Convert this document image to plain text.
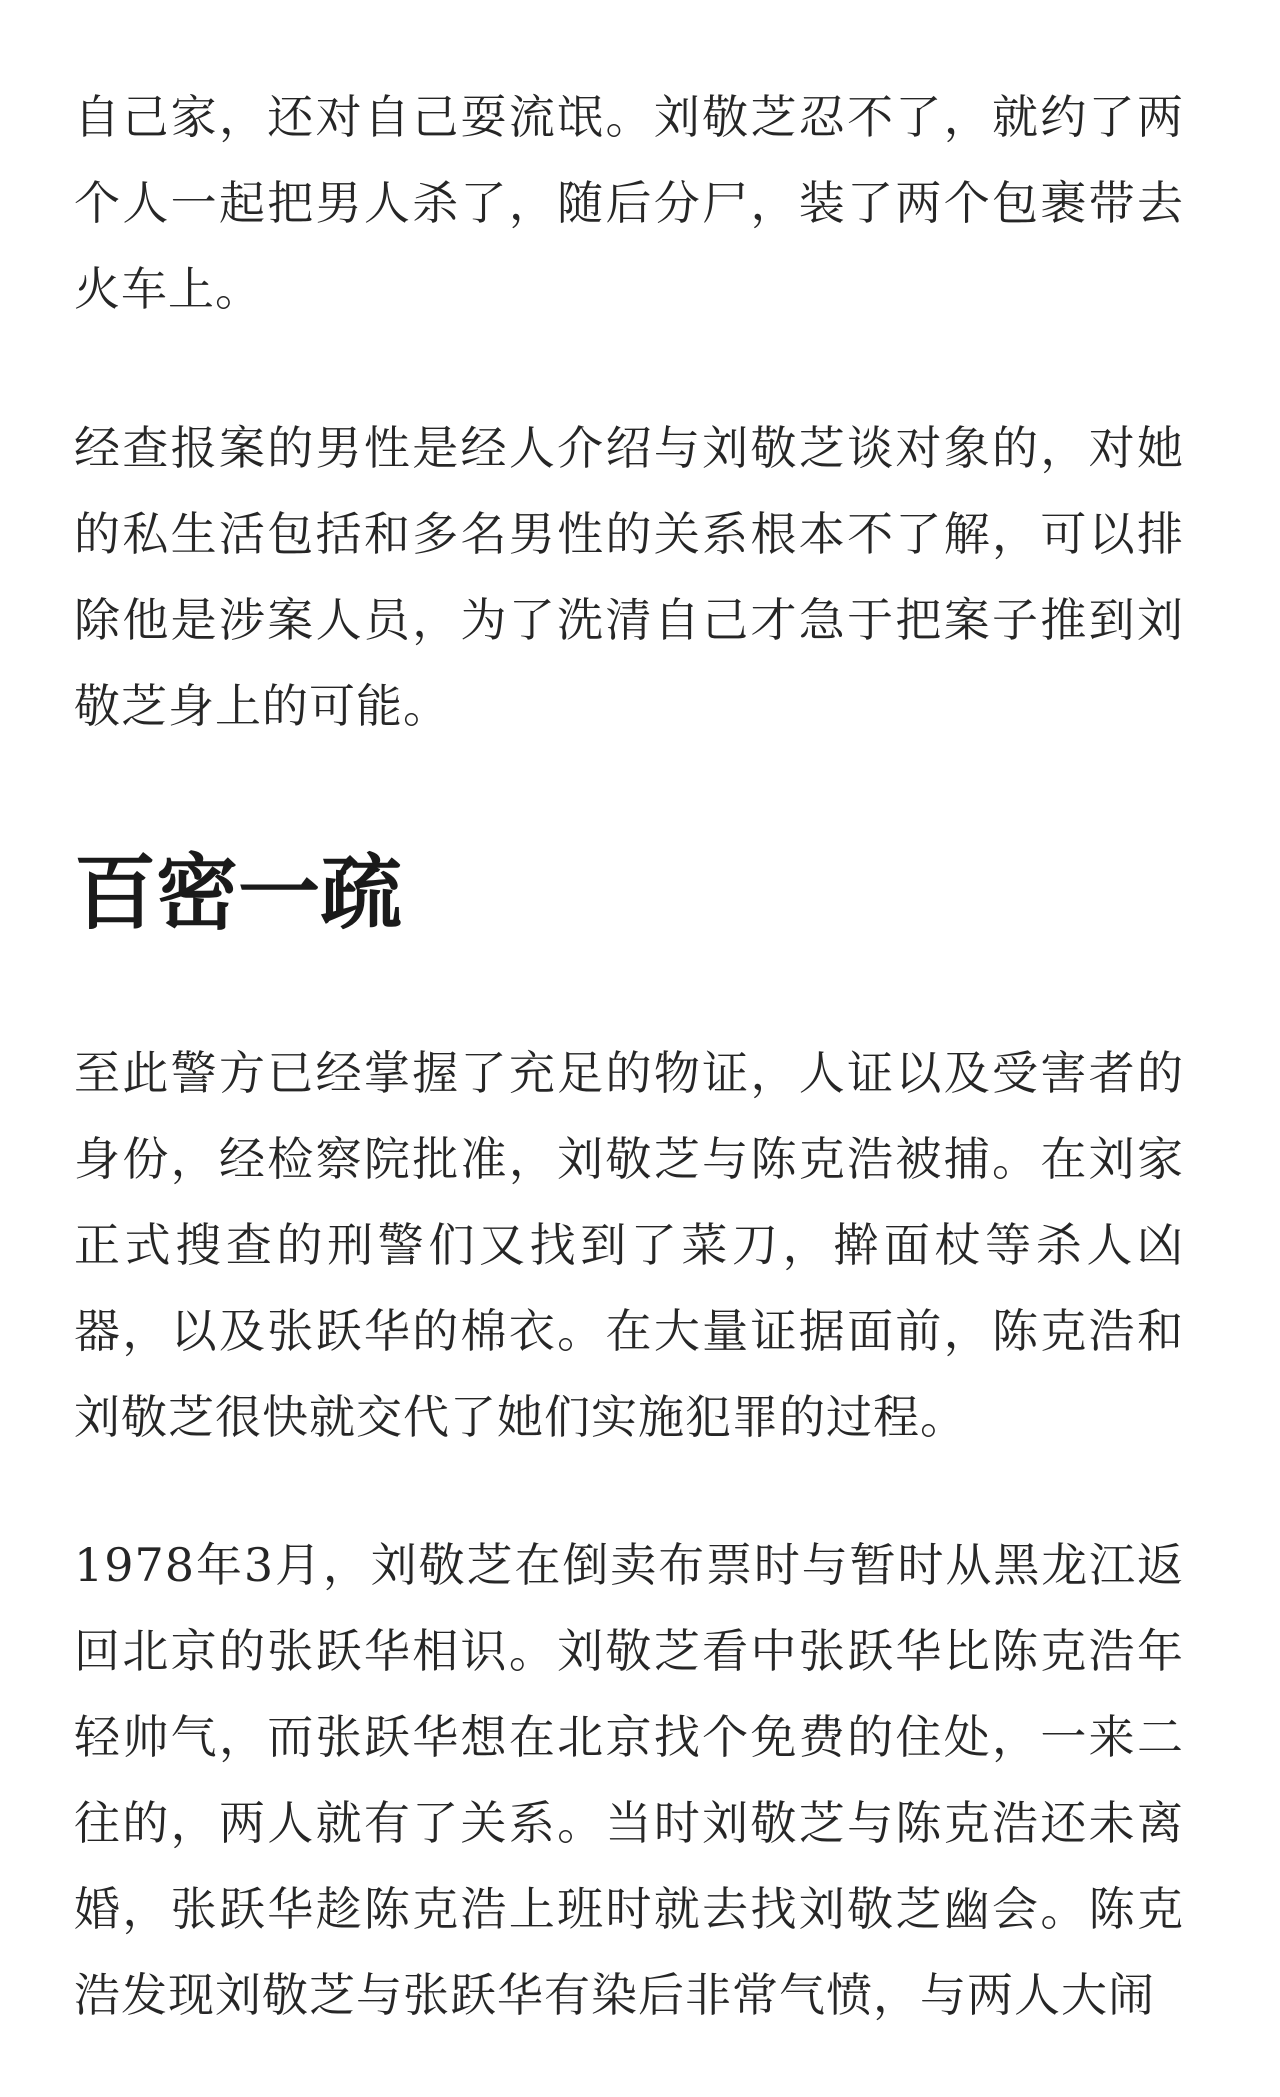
自己家，还对自己耍流氓。刘敬芝忍不了，就约了两个人一起把男人杀了，随后分尸，装了两个包裹带去火车上。

经查报案的男性是经人介绍与刘敬芝谈对象的，对她的私生活包括和多名男性的关系根本不了解，可以排除他是涉案人员，为了洗清自己才急于把案子推到刘敬芝身上的可能。

百密一疏

至此警方已经掌握了充足的物证，人证以及受害者的身份，经检察院批准，刘敬芝与陈克浩被捕。在刘家正式搜查的刑警们又找到了菜刀，擀面杖等杀人凶器，以及张跃华的棉衣。在大量证据面前，陈克浩和刘敬芝很快就交代了她们实施犯罪的过程。

1978年3月，刘敬芝在倒卖布票时与暂时从黑龙江返回北京的张跃华相识。刘敬芝看中张跃华比陈克浩年轻帅气，而张跃华想在北京找个免费的住处，一来二往的，两人就有了关系。当时刘敬芝与陈克浩还未离婚，张跃华趁陈克浩上班时就去找刘敬芝幽会。陈克浩发现刘敬芝与张跃华有染后非常气愤，与两人大闹
